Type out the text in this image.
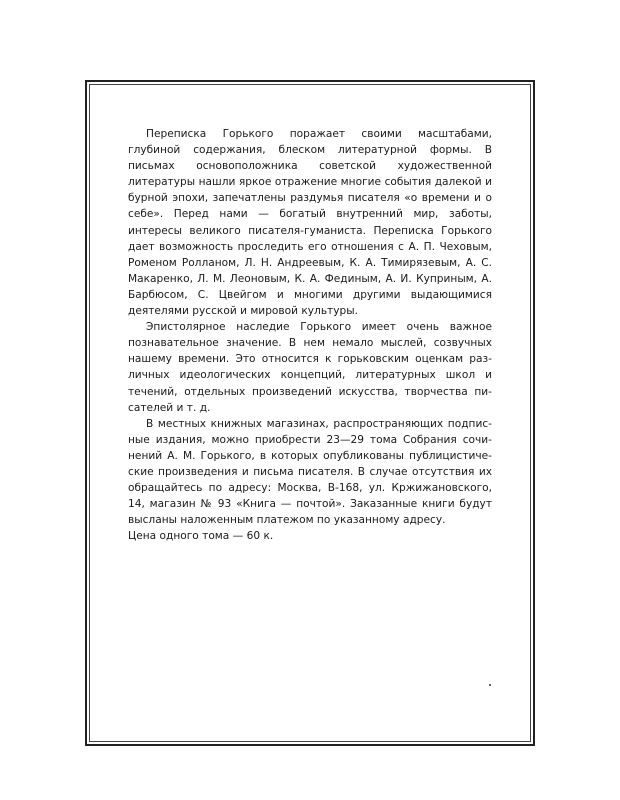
Переписка Горького поражает своими масштабами, глубиной содержания, блеском литературной формы. В письмах основоположника советской художественной литературы нашли яркое отражение многие события далекой и бурной эпохи, запечатлены раздумья писателя «о времени и о себе». Перед нами — богатый внутренний мир, заботы, интересы великого писателя-гуманиста. Переписка Горького дает возможность проследить его отношения с А. П. Чеховым, Роменом Ролланом, Л. Н. Андреевым, К. А. Тимирязевым, А. С. Макаренко, Л. М. Леоновым, К. А. Фединым, А. И. Куприным, А. Барбюсом, С. Цвейгом и многими другими выдающимися деятелями русской и мировой культуры.

Эпистолярное наследие Горького имеет очень важное познавательное значение. В нем немало мыслей, созвучных нашему времени. Это относится к горьковским оценкам различных идеологических концепций, литературных школ и течений, отдельных произведений искусства, творчества писателей и т. д.

В местных книжных магазинах, распространяющих подписные издания, можно приобрести 23—29 тома Собрания сочинений А. М. Горького, в которых опубликованы публицистические произведения и письма писателя. В случае отсутствия их обращайтесь по адресу: Москва, В-168, ул. Кржижановского, 14, магазин № 93 «Книга — почтой». Заказанные книги будут высланы наложенным платежом по указанному адресу.

Цена одного тома — 60 к.
